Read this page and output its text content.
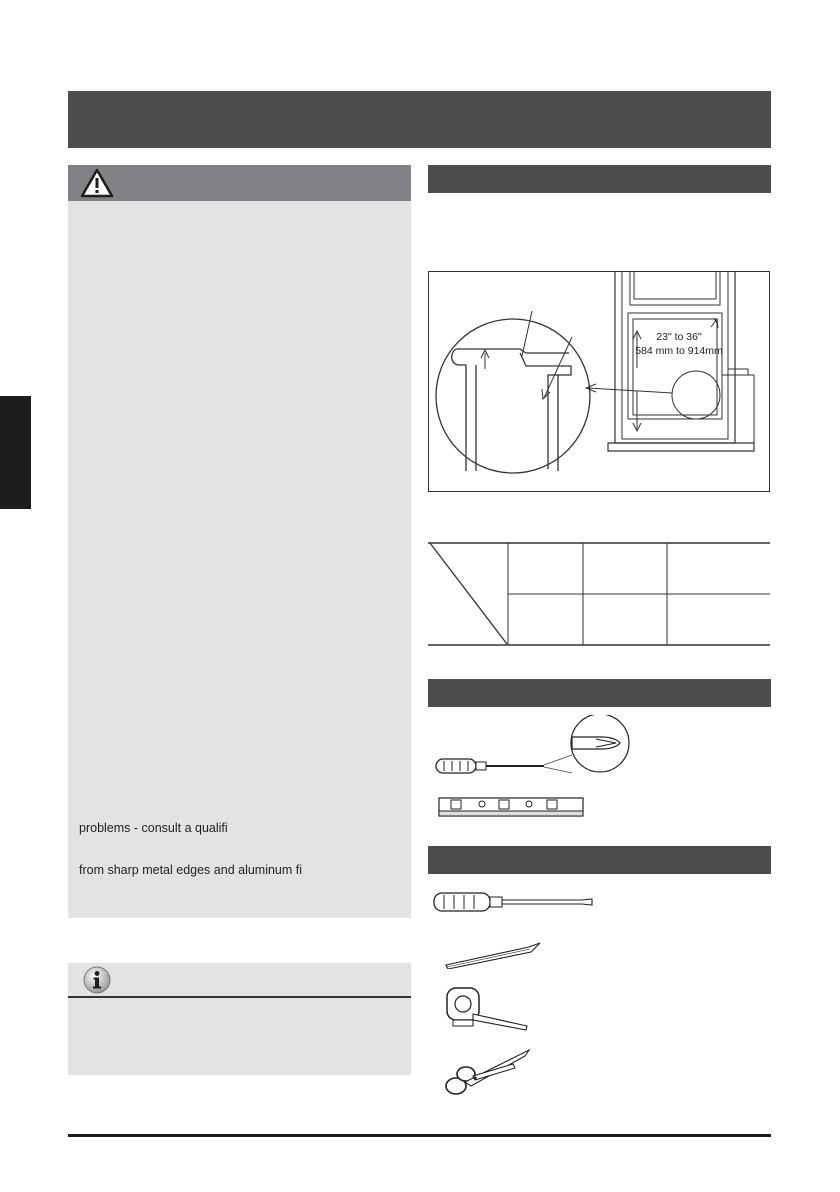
problems - consult a qualifi
from sharp metal edges and aluminum fi
23" to 36"
584 mm to 914mm
